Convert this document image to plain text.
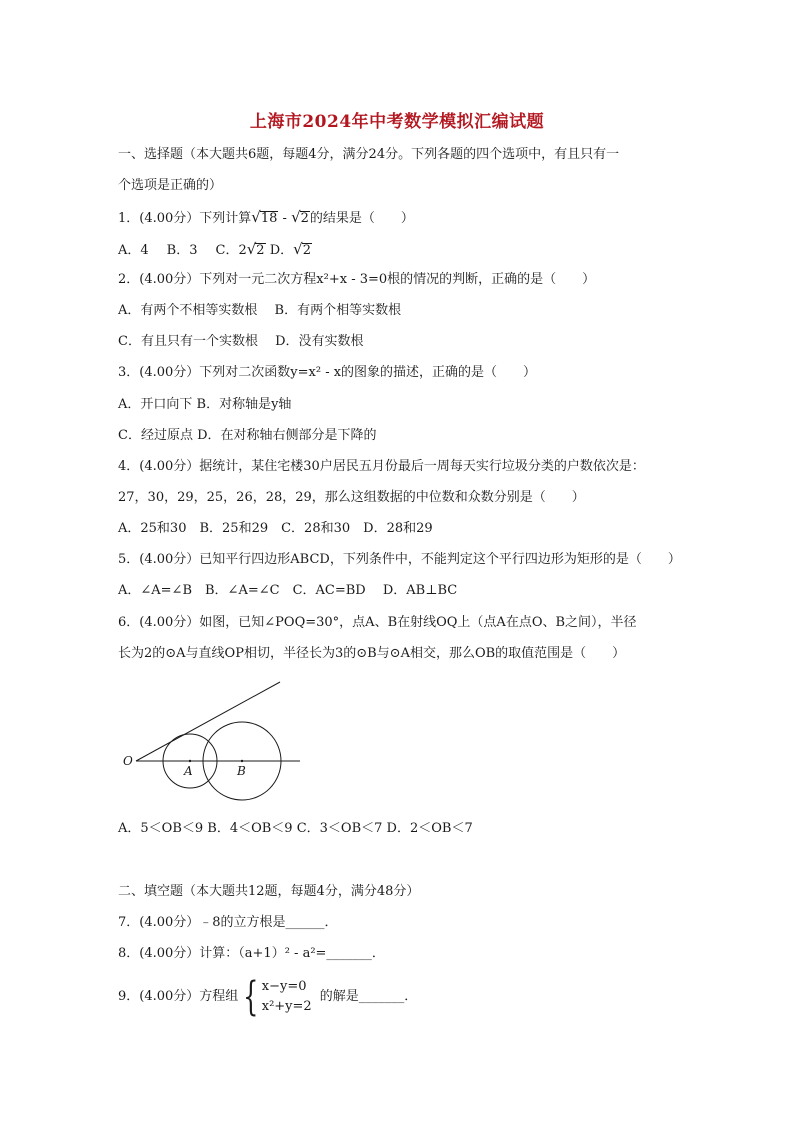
上海市2024年中考数学模拟汇编试题
一、选择题（本大题共6题，每题4分，满分24分。下列各题的四个选项中，有且只有一
个选项是正确的）
1．(4.00分）下列计算√18 - √2的结果是（　　）
A．4 B．3 C．2√2 D．√2
2．(4.00分）下列对一元二次方程x²+x - 3=0根的情况的判断，正确的是（　　）
A．有两个不相等实数根　 B．有两个相等实数根
C．有且只有一个实数根　 D．没有实数根
3．(4.00分）下列对二次函数y=x² - x的图象的描述，正确的是（　　）
A．开口向下 B．对称轴是y轴
C．经过原点 D．在对称轴右侧部分是下降的
4．(4.00分）据统计，某住宅楼30户居民五月份最后一周每天实行垃圾分类的户数依次是：
27，30，29，25，26，28，29，那么这组数据的中位数和众数分别是（　　）
A．25和30　B．25和29　C．28和30　D．28和29
5．(4.00分）已知平行四边形ABCD，下列条件中，不能判定这个平行四边形为矩形的是（　　）
A．∠A=∠B　B．∠A=∠C　C．AC=BD　 D．AB⊥BC
6．(4.00分）如图，已知∠POQ=30°，点A、B在射线OQ上（点A在点O、B之间），半径
长为2的⊙A与直线OP相切，半径长为3的⊙B与⊙A相交，那么OB的取值范围是（　　）
O
A	B
A．5＜OB＜9 B．4＜OB＜9 C．3＜OB＜7 D．2＜OB＜7
二、填空题（本大题共12题，每题4分，满分48分）
7．(4.00分）﹣8的立方根是______．
8．(4.00分）计算：（a+1）² - a²=_______．
9．(4.00分）方程组 { x−y=0
x²+y=2
的解是_______．
